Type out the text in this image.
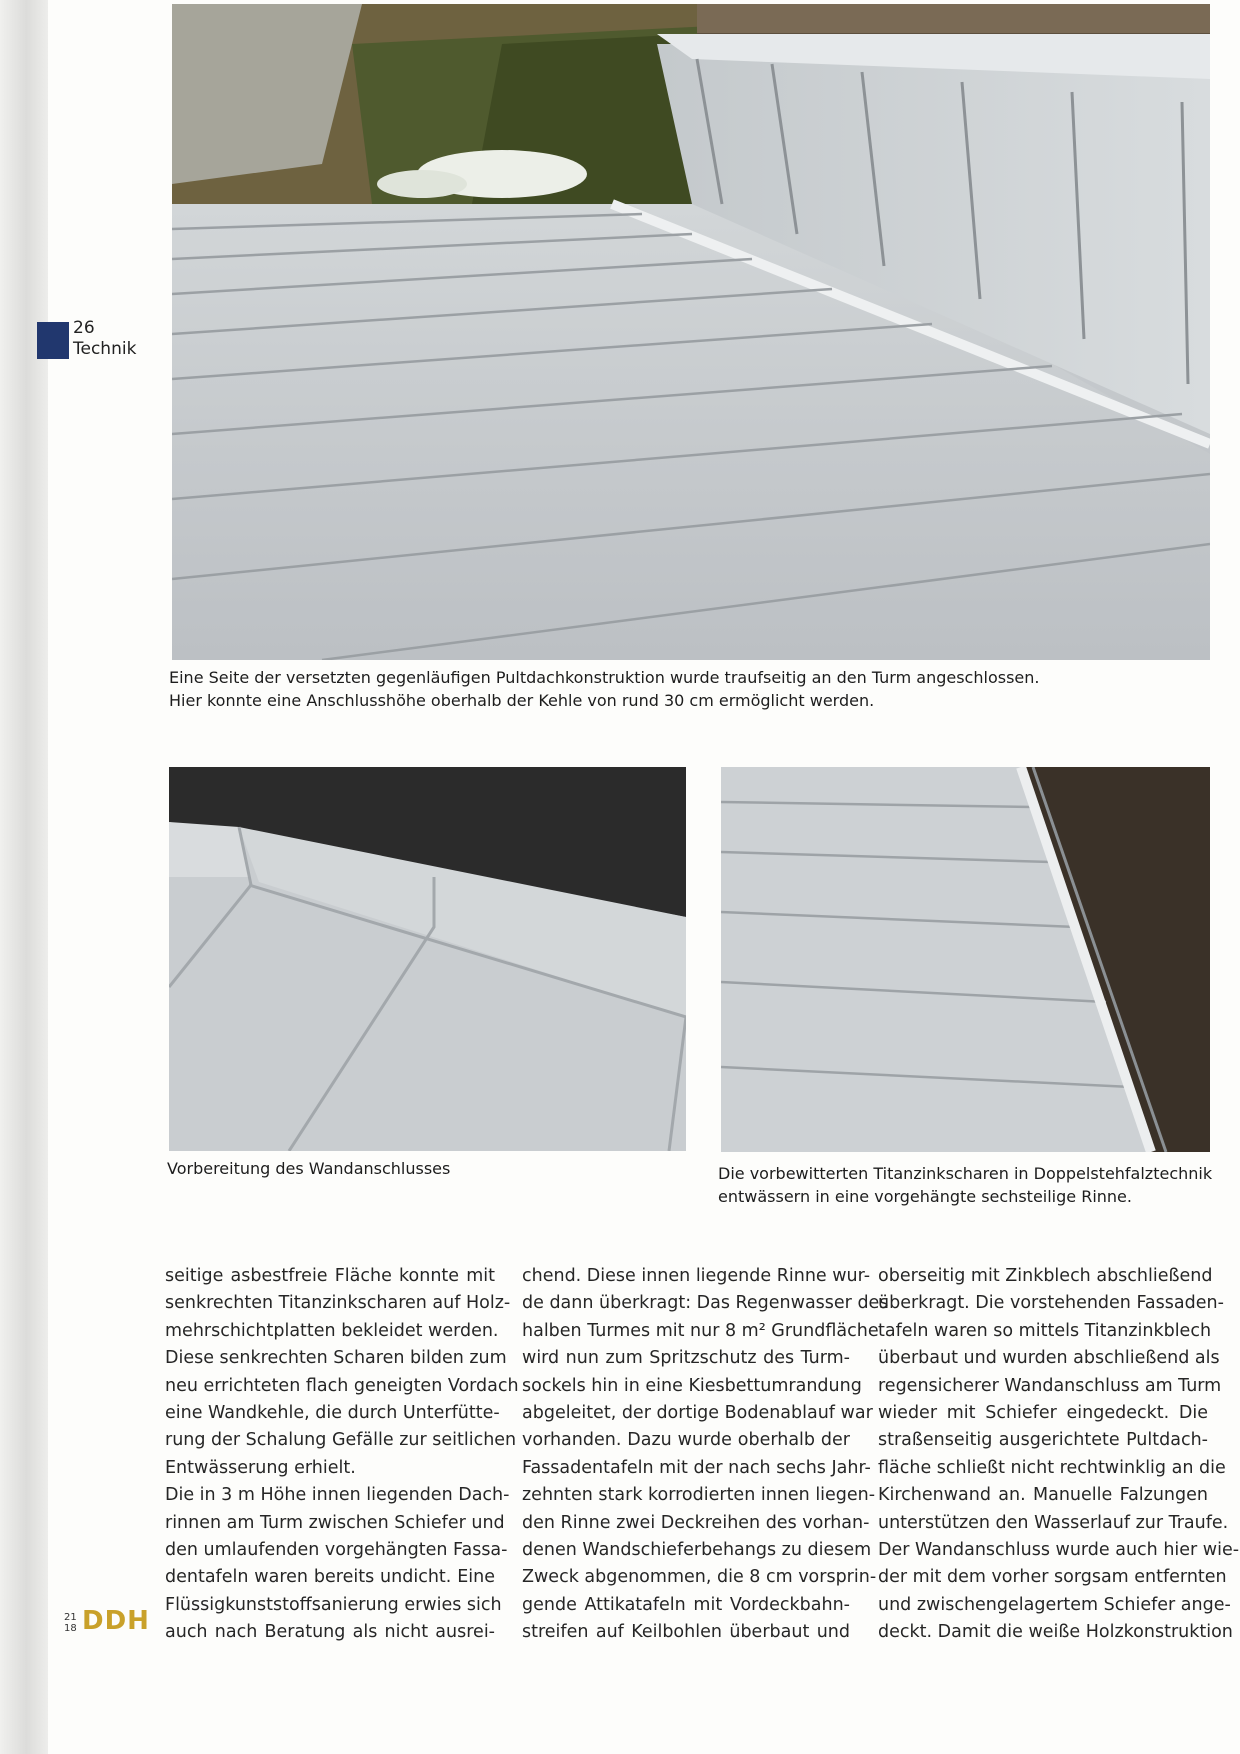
26
Technik
Eine Seite der versetzten gegenläufigen Pultdachkonstruktion wurde traufseitig an den Turm angeschlossen.
Hier konnte eine Anschlusshöhe oberhalb der Kehle von rund 30 cm ermöglicht werden.
Vorbereitung des Wandanschlusses	Die vorbewitterten Titanzinkscharen in Doppelstehfalztechnik
entwässern in eine vorgehängte sechsteilige Rinne.
seitige asbestfreie Fläche konnte mit
senkrechten Titanzinkscharen auf Holz-
mehrschichtplatten bekleidet werden.
Diese senkrechten Scharen bilden zum
neu errichteten flach geneigten Vordach
eine Wandkehle, die durch Unterfütte-
rung der Schalung Gefälle zur seitlichen
Entwässerung erhielt.
Die in 3 m Höhe innen liegenden Dach-
rinnen am Turm zwischen Schiefer und
den umlaufenden vorgehängten Fassa-
dentafeln waren bereits undicht. Eine
Flüssigkunststoffsanierung erwies sich
auch nach Beratung als nicht ausrei-
chend. Diese innen liegende Rinne wur-
de dann überkragt: Das Regenwasser des
halben Turmes mit nur 8 m² Grundfläche
wird nun zum Spritzschutz des Turm-
sockels hin in eine Kiesbettumrandung
abgeleitet, der dortige Bodenablauf war
vorhanden. Dazu wurde oberhalb der
Fassadentafeln mit der nach sechs Jahr-
zehnten stark korrodierten innen liegen-
den Rinne zwei Deckreihen des vorhan-
denen Wandschieferbehangs zu diesem
Zweck abgenommen, die 8 cm vorsprin-
gende Attikatafeln mit Vordeckbahn-
streifen auf Keilbohlen überbaut und
oberseitig mit Zinkblech abschließend
überkragt. Die vorstehenden Fassaden-
tafeln waren so mittels Titanzinkblech
überbaut und wurden abschließend als
regensicherer Wandanschluss am Turm
wieder mit Schiefer eingedeckt. Die
straßenseitig ausgerichtete Pultdach-
fläche schließt nicht rechtwinklig an die
Kirchenwand an. Manuelle Falzungen
unterstützen den Wasserlauf zur Traufe.
Der Wandanschluss wurde auch hier wie-
der mit dem vorher sorgsam entfernten
und zwischengelagertem Schiefer ange-
deckt. Damit die weiße Holzkonstruktion
21
18 DDH
